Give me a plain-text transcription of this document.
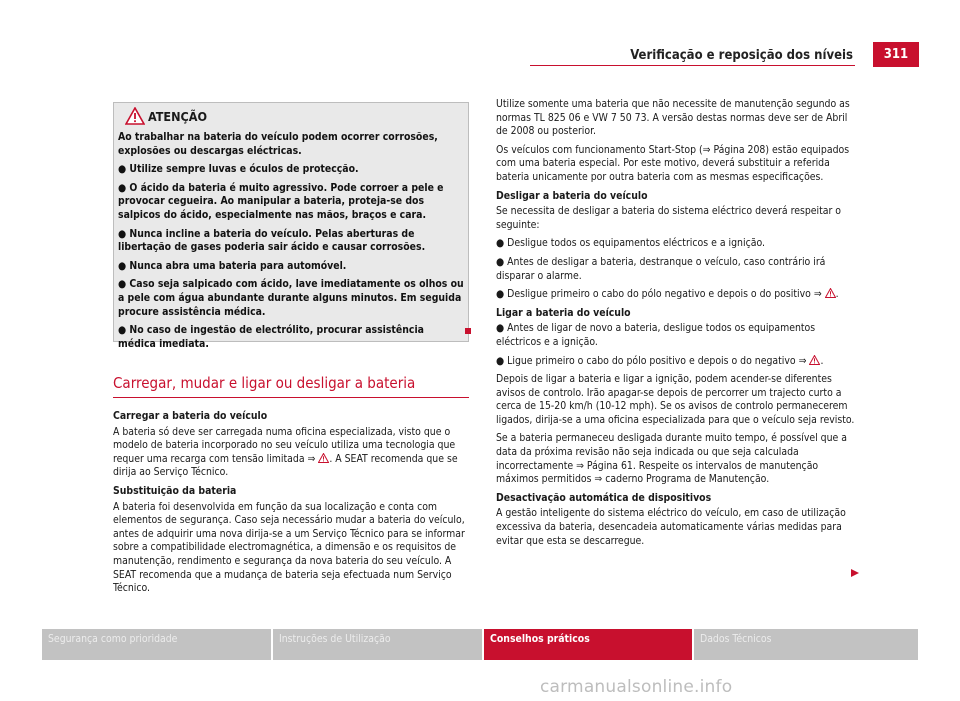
Verificação e reposição dos níveis	311
ATENÇÃO

Ao trabalhar na bateria do veículo podem ocorrer corrosões, explosões ou descargas eléctricas.

● Utilize sempre luvas e óculos de protecção.

● O ácido da bateria é muito agressivo. Pode corroer a pele e provocar cegueira. Ao manipular a bateria, proteja-se dos salpicos do ácido, especialmente nas mãos, braços e cara.

● Nunca incline a bateria do veículo. Pelas aberturas de libertação de gases poderia sair ácido e causar corrosões.

● Nunca abra uma bateria para automóvel.

● Caso seja salpicado com ácido, lave imediatamente os olhos ou a pele com água abundante durante alguns minutos. Em seguida procure assistência médica.

● No caso de ingestão de electrólito, procurar assistência médica imediata.

Carregar, mudar e ligar ou desligar a bateria

Carregar a bateria do veículo

A bateria só deve ser carregada numa oficina especializada, visto que o modelo de bateria incorporado no seu veículo utiliza uma tecnologia que requer uma recarga com tensão limitada ⇒ . A SEAT recomenda que se dirija ao Serviço Técnico.

Substituição da bateria

A bateria foi desenvolvida em função da sua localização e conta com elementos de segurança. Caso seja necessário mudar a bateria do veículo, antes de adquirir uma nova dirija-se a um Serviço Técnico para se informar sobre a compatibilidade electromagnética, a dimensão e os requisitos de manutenção, rendimento e segurança da nova bateria do seu veículo. A SEAT recomenda que a mudança de bateria seja efectuada num Serviço Técnico.

Utilize somente uma bateria que não necessite de manutenção segundo as normas TL 825 06 e VW 7 50 73. A versão destas normas deve ser de Abril de 2008 ou posterior.

Os veículos com funcionamento Start-Stop (⇒ Página 208) estão equipados com uma bateria especial. Por este motivo, deverá substituir a referida bateria unicamente por outra bateria com as mesmas especificações.

Desligar a bateria do veículo

Se necessita de desligar a bateria do sistema eléctrico deverá respeitar o seguinte:

● Desligue todos os equipamentos eléctricos e a ignição.

● Antes de desligar a bateria, destranque o veículo, caso contrário irá disparar o alarme.

● Desligue primeiro o cabo do pólo negativo e depois o do positivo ⇒ .

Ligar a bateria do veículo

● Antes de ligar de novo a bateria, desligue todos os equipamentos eléctricos e a ignição.

● Ligue primeiro o cabo do pólo positivo e depois o do negativo ⇒ .

Depois de ligar a bateria e ligar a ignição, podem acender-se diferentes avisos de controlo. Irão apagar-se depois de percorrer um trajecto curto a cerca de 15-20 km/h (10-12 mph). Se os avisos de controlo permanecerem ligados, dirija-se a uma oficina especializada para que o veículo seja revisto.

Se a bateria permaneceu desligada durante muito tempo, é possível que a data da próxima revisão não seja indicada ou que seja calculada incorrectamente ⇒ Página 61. Respeite os intervalos de manutenção máximos permitidos ⇒ caderno Programa de Manutenção.

Desactivação automática de dispositivos

A gestão inteligente do sistema eléctrico do veículo, em caso de utilização excessiva da bateria, desencadeia automaticamente várias medidas para evitar que esta se descarregue.

Segurança como prioridade	Instruções de Utilização	Conselhos práticos	Dados Técnicos
carmanualsonline.info
